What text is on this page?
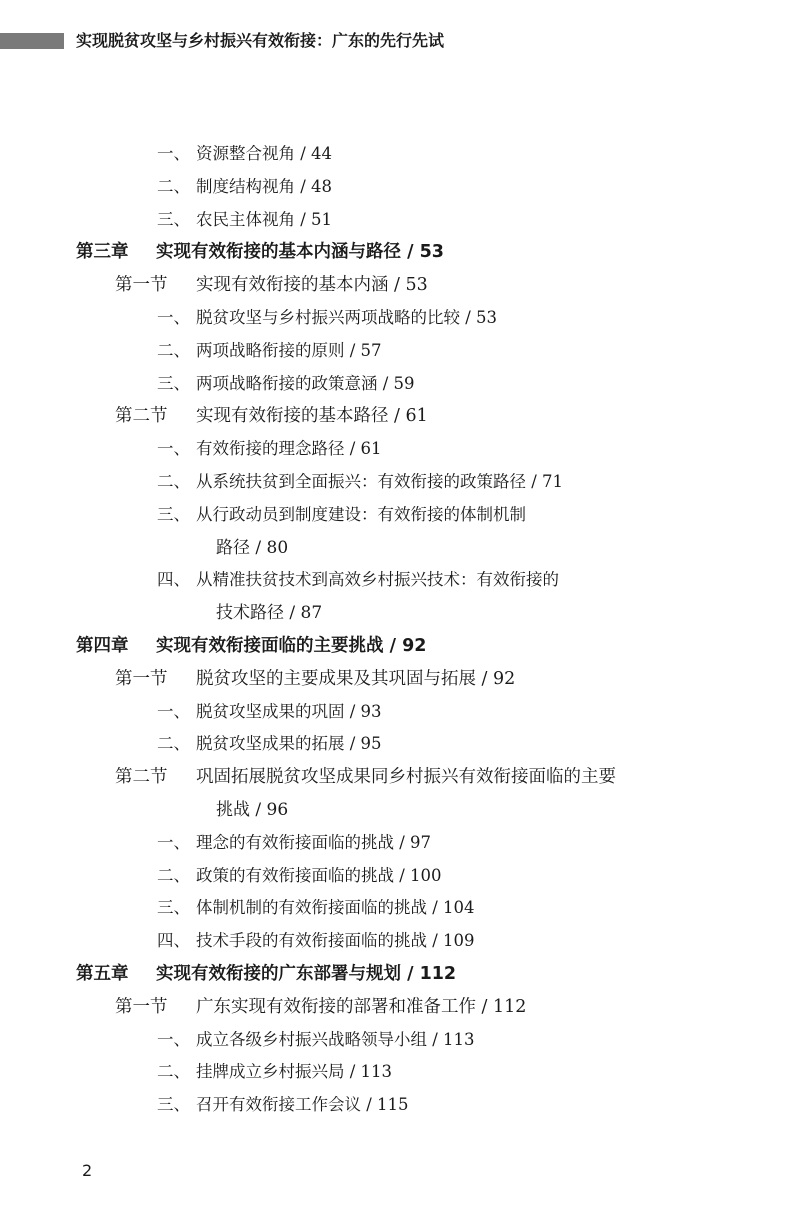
实现脱贫攻坚与乡村振兴有效衔接：广东的先行先试
一、 资源整合视角 / 44
二、 制度结构视角 / 48
三、 农民主体视角 / 51
第三章 实现有效衔接的基本内涵与路径 / 53
第一节 实现有效衔接的基本内涵 / 53
一、 脱贫攻坚与乡村振兴两项战略的比较 / 53
二、 两项战略衔接的原则 / 57
三、 两项战略衔接的政策意涵 / 59
第二节 实现有效衔接的基本路径 / 61
一、 有效衔接的理念路径 / 61
二、 从系统扶贫到全面振兴：有效衔接的政策路径 / 71
三、 从行政动员到制度建设：有效衔接的体制机制
路径 / 80
四、 从精准扶贫技术到高效乡村振兴技术：有效衔接的
技术路径 / 87
第四章 实现有效衔接面临的主要挑战 / 92
第一节 脱贫攻坚的主要成果及其巩固与拓展 / 92
一、 脱贫攻坚成果的巩固 / 93
二、 脱贫攻坚成果的拓展 / 95
第二节 巩固拓展脱贫攻坚成果同乡村振兴有效衔接面临的主要
挑战 / 96
一、 理念的有效衔接面临的挑战 / 97
二、 政策的有效衔接面临的挑战 / 100
三、 体制机制的有效衔接面临的挑战 / 104
四、 技术手段的有效衔接面临的挑战 / 109
第五章 实现有效衔接的广东部署与规划 / 112
第一节 广东实现有效衔接的部署和准备工作 / 112
一、 成立各级乡村振兴战略领导小组 / 113
二、 挂牌成立乡村振兴局 / 113
三、 召开有效衔接工作会议 / 115
2
